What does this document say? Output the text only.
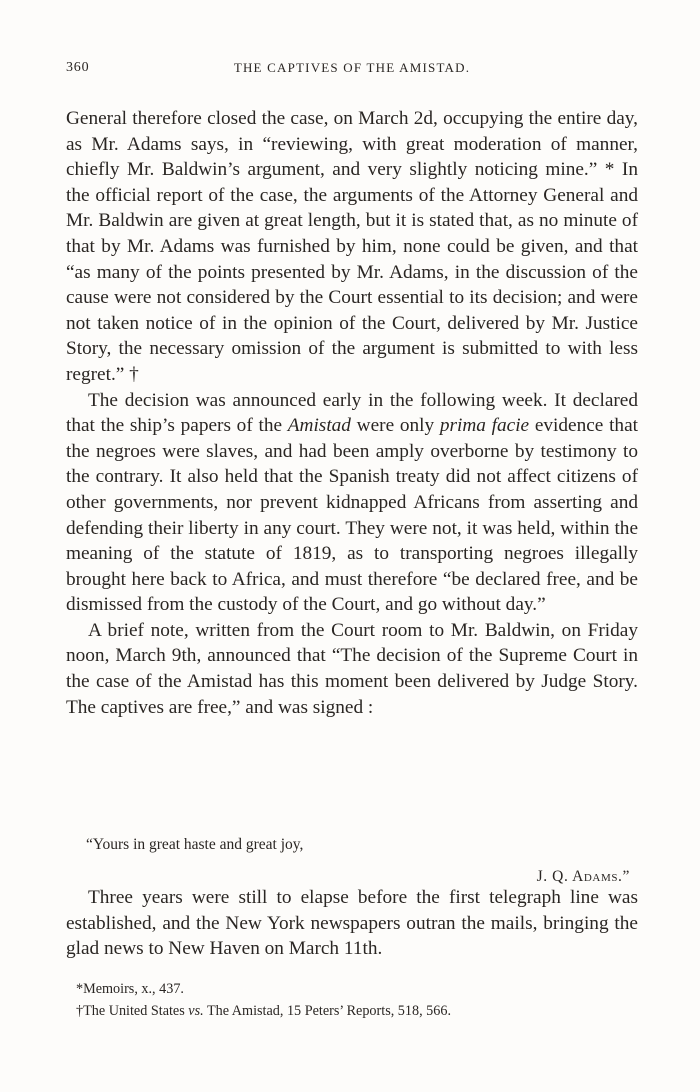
360	THE CAPTIVES OF THE AMISTAD.

General therefore closed the case, on March 2d, occupying the entire day, as Mr. Adams says, in “reviewing, with great moderation of manner, chiefly Mr. Baldwin’s argument, and very slightly noticing mine.” * In the official report of the case, the arguments of the Attorney General and Mr. Baldwin are given at great length, but it is stated that, as no minute of that by Mr. Adams was furnished by him, none could be given, and that “as many of the points presented by Mr. Adams, in the discussion of the cause were not considered by the Court essential to its decision; and were not taken notice of in the opinion of the Court, delivered by Mr. Justice Story, the necessary omission of the argument is submitted to with less regret.” †

The decision was announced early in the following week. It declared that the ship’s papers of the Amistad were only prima facie evidence that the negroes were slaves, and had been amply overborne by testimony to the contrary. It also held that the Spanish treaty did not affect citizens of other governments, nor prevent kidnapped Africans from asserting and defending their liberty in any court. They were not, it was held, within the meaning of the statute of 1819, as to transporting negroes illegally brought here back to Africa, and must therefore “be declared free, and be dismissed from the custody of the Court, and go without day.”

A brief note, written from the Court room to Mr. Baldwin, on Friday noon, March 9th, announced that “The decision of the Supreme Court in the case of the Amistad has this moment been delivered by Judge Story. The captives are free,” and was signed :

“Yours in great haste and great joy,
J. Q. Adams.”

Three years were still to elapse before the first telegraph line was established, and the New York newspapers outran the mails, bringing the glad news to New Haven on March 11th.

*Memoirs, x., 437.
†The United States vs. The Amistad, 15 Peters’ Reports, 518, 566.
